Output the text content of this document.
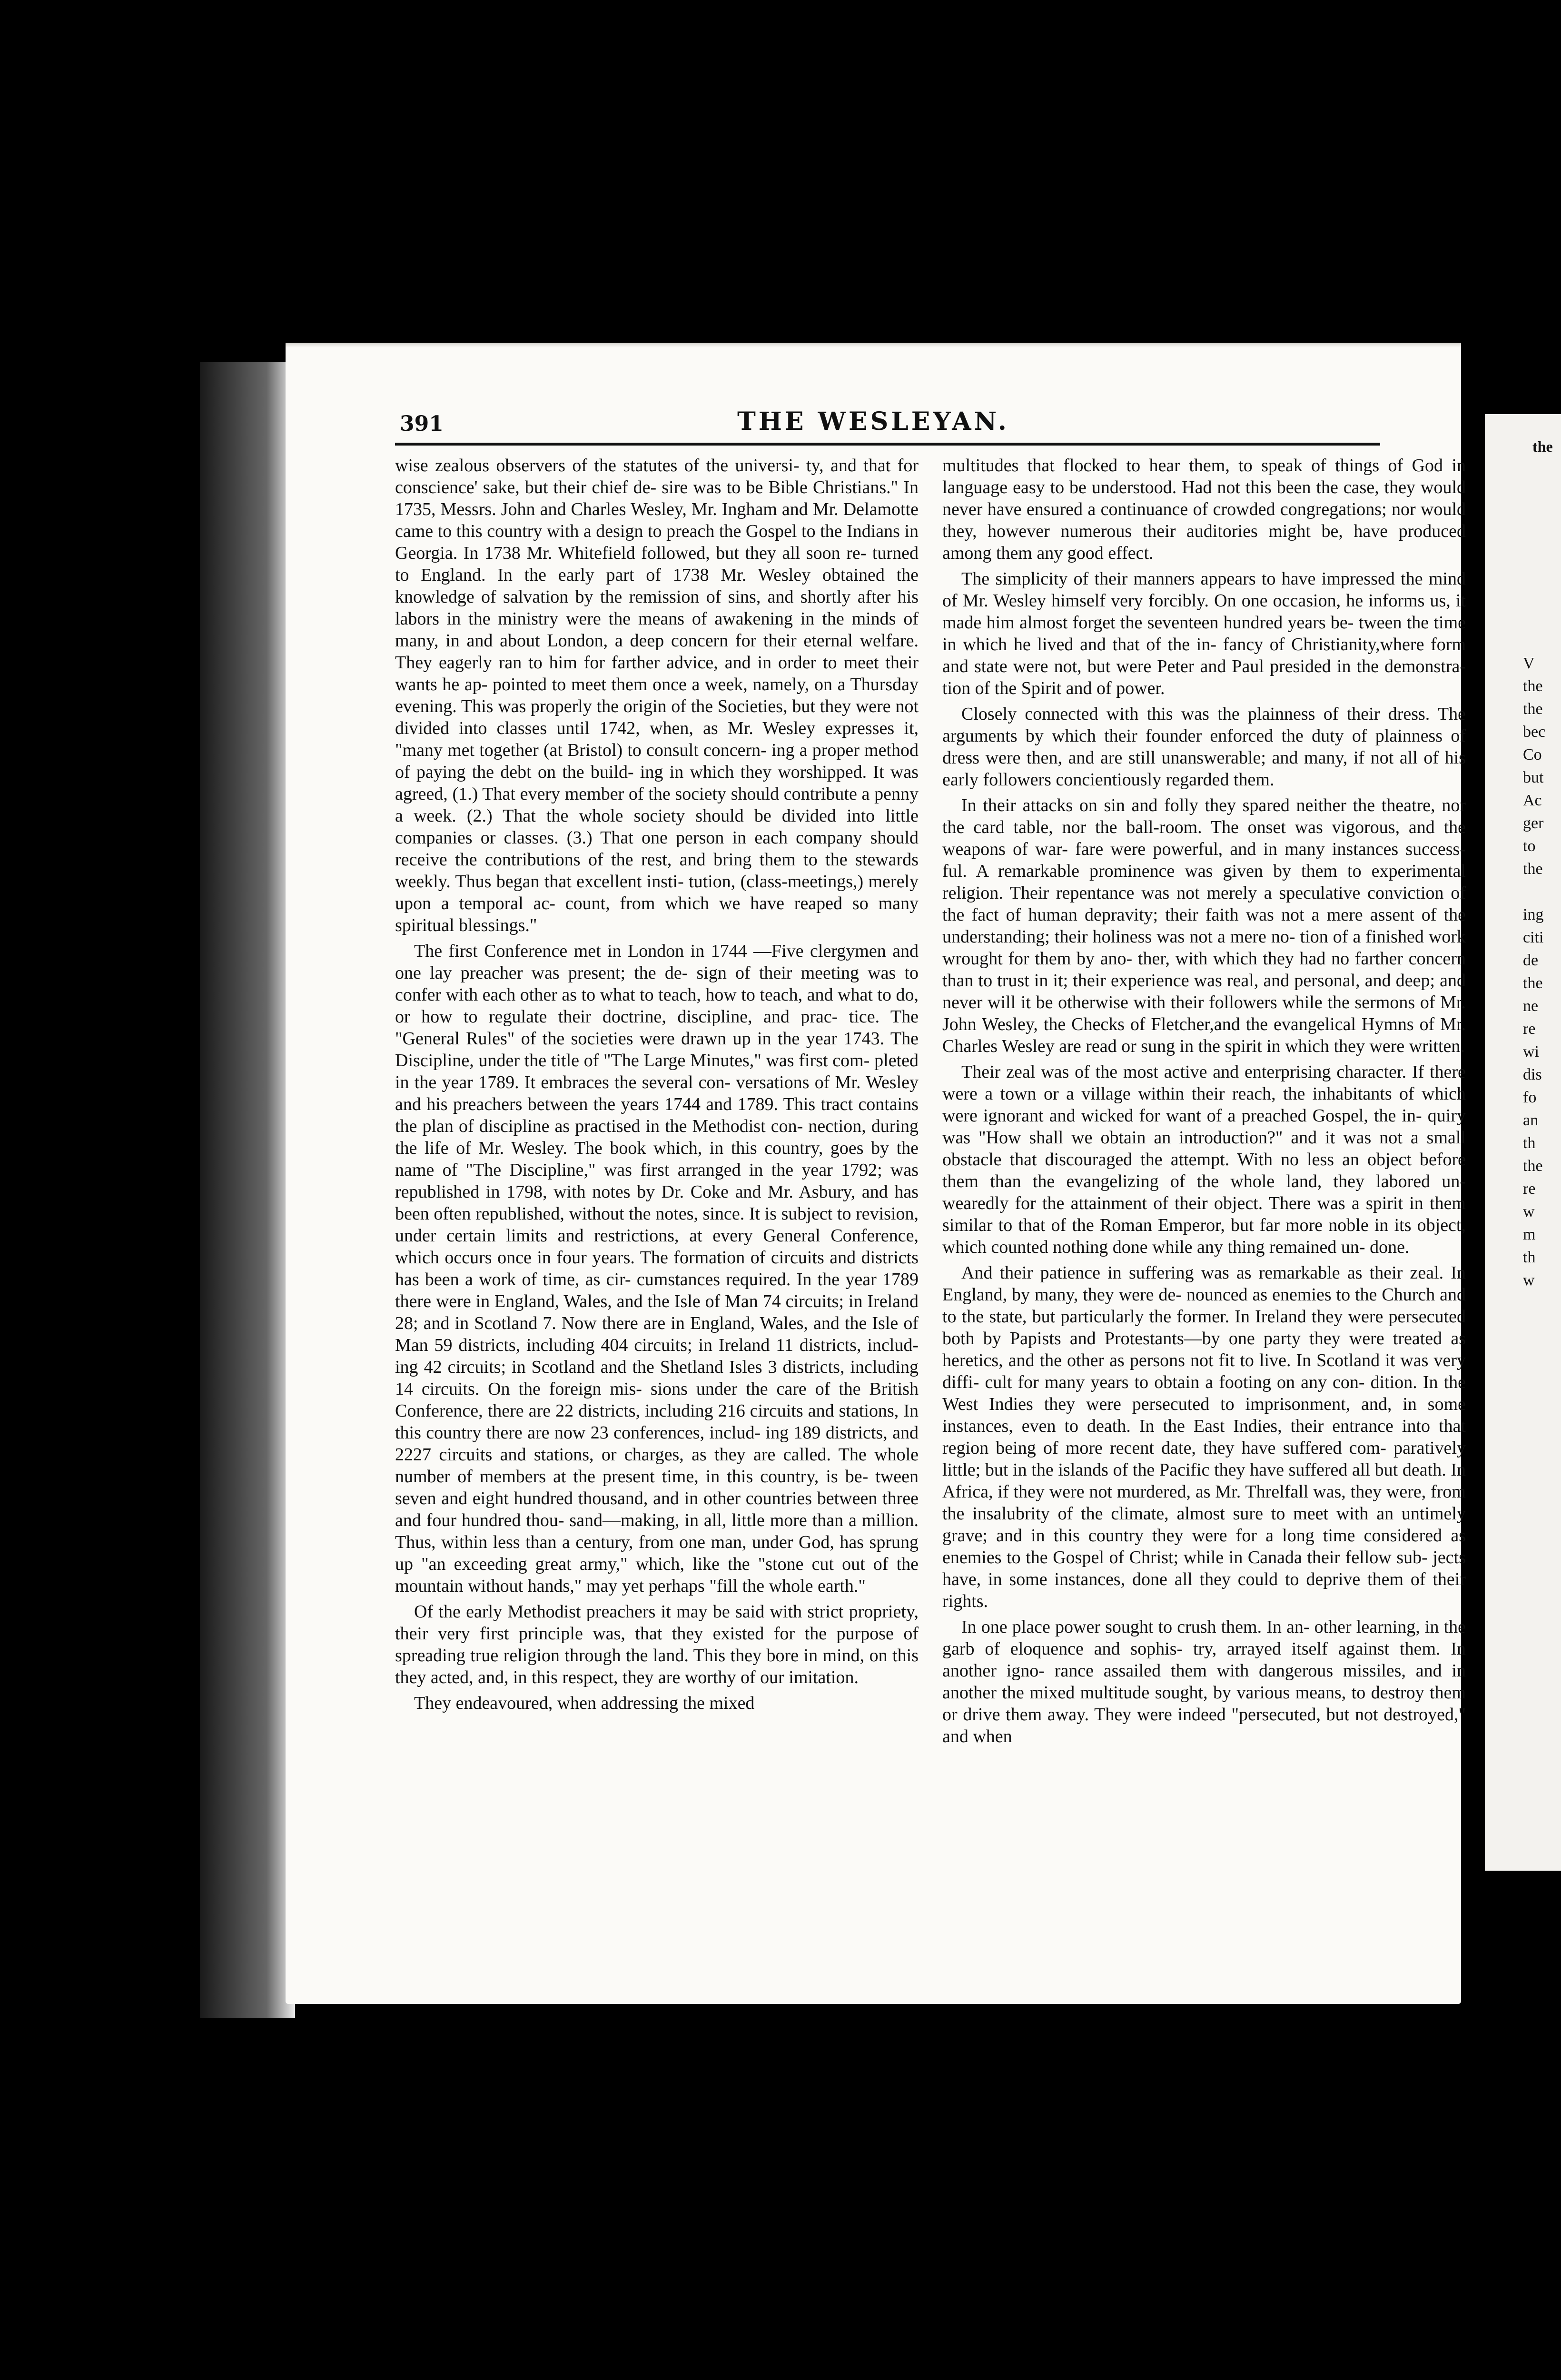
391	THE WESLEYAN.

wise zealous observers of the statutes of the universi- ty, and that for conscience' sake, but their chief de- sire was to be Bible Christians." In 1735, Messrs. John and Charles Wesley, Mr. Ingham and Mr. Delamotte came to this country with a design to preach the Gospel to the Indians in Georgia. In 1738 Mr. Whitefield followed, but they all soon re- turned to England. In the early part of 1738 Mr. Wesley obtained the knowledge of salvation by the remission of sins, and shortly after his labors in the ministry were the means of awakening in the minds of many, in and about London, a deep concern for their eternal welfare. They eagerly ran to him for farther advice, and in order to meet their wants he ap- pointed to meet them once a week, namely, on a Thursday evening. This was properly the origin of the Societies, but they were not divided into classes until 1742, when, as Mr. Wesley expresses it, "many met together (at Bristol) to consult concern- ing a proper method of paying the debt on the build- ing in which they worshipped. It was agreed, (1.) That every member of the society should contribute a penny a week. (2.) That the whole society should be divided into little companies or classes. (3.) That one person in each company should receive the contributions of the rest, and bring them to the stewards weekly. Thus began that excellent insti- tution, (class-meetings,) merely upon a temporal ac- count, from which we have reaped so many spiritual blessings."

The first Conference met in London in 1744 —Five clergymen and one lay preacher was present; the de- sign of their meeting was to confer with each other as to what to teach, how to teach, and what to do, or how to regulate their doctrine, discipline, and prac- tice. The "General Rules" of the societies were drawn up in the year 1743. The Discipline, under the title of "The Large Minutes," was first com- pleted in the year 1789. It embraces the several con- versations of Mr. Wesley and his preachers between the years 1744 and 1789. This tract contains the plan of discipline as practised in the Methodist con- nection, during the life of Mr. Wesley. The book which, in this country, goes by the name of "The Discipline," was first arranged in the year 1792; was republished in 1798, with notes by Dr. Coke and Mr. Asbury, and has been often republished, without the notes, since. It is subject to revision, under certain limits and restrictions, at every General Conference, which occurs once in four years. The formation of circuits and districts has been a work of time, as cir- cumstances required. In the year 1789 there were in England, Wales, and the Isle of Man 74 circuits; in Ireland 28; and in Scotland 7. Now there are in England, Wales, and the Isle of Man 59 districts, including 404 circuits; in Ireland 11 districts, includ- ing 42 circuits; in Scotland and the Shetland Isles 3 districts, including 14 circuits. On the foreign mis- sions under the care of the British Conference, there are 22 districts, including 216 circuits and stations, In this country there are now 23 conferences, includ- ing 189 districts, and 2227 circuits and stations, or charges, as they are called. The whole number of members at the present time, in this country, is be- tween seven and eight hundred thousand, and in other countries between three and four hundred thou- sand—making, in all, little more than a million. Thus, within less than a century, from one man, under God, has sprung up "an exceeding great army," which, like the "stone cut out of the mountain without hands," may yet perhaps "fill the whole earth."

Of the early Methodist preachers it may be said with strict propriety, their very first principle was, that they existed for the purpose of spreading true religion through the land. This they bore in mind, on this they acted, and, in this respect, they are worthy of our imitation.

They endeavoured, when addressing the mixed

multitudes that flocked to hear them, to speak of things of God in language easy to be understood. Had not this been the case, they would never have ensured a continuance of crowded congregations; nor would they, however numerous their auditories might be, have produced among them any good effect.

The simplicity of their manners appears to have impressed the mind of Mr. Wesley himself very forcibly. On one occasion, he informs us, it made him almost forget the seventeen hundred years be- tween the time in which he lived and that of the in- fancy of Christianity,where form and state were not, but were Peter and Paul presided in the demonstra- tion of the Spirit and of power.

Closely connected with this was the plainness of their dress. The arguments by which their founder enforced the duty of plainness of dress were then, and are still unanswerable; and many, if not all of his early followers concientiously regarded them.

In their attacks on sin and folly they spared neither the theatre, nor the card table, nor the ball-room. The onset was vigorous, and the weapons of war- fare were powerful, and in many instances success- ful. A remarkable prominence was given by them to experimental religion. Their repentance was not merely a speculative conviction of the fact of human depravity; their faith was not a mere assent of the understanding; their holiness was not a mere no- tion of a finished work wrought for them by ano- ther, with which they had no farther concern than to trust in it; their experience was real, and personal, and deep; and never will it be otherwise with their followers while the sermons of Mr. John Wesley, the Checks of Fletcher,and the evangelical Hymns of Mr. Charles Wesley are read or sung in the spirit in which they were written.

Their zeal was of the most active and enterprising character. If there were a town or a village within their reach, the inhabitants of which were ignorant and wicked for want of a preached Gospel, the in- quiry was "How shall we obtain an introduction?" and it was not a small obstacle that discouraged the attempt. With no less an object before them than the evangelizing of the whole land, they labored un- wearedly for the attainment of their object. There was a spirit in them similar to that of the Roman Emperor, but far more noble in its object, which counted nothing done while any thing remained un- done.

And their patience in suffering was as remarkable as their zeal. In England, by many, they were de- nounced as enemies to the Church and to the state, but particularly the former. In Ireland they were persecuted both by Papists and Protestants—by one party they were treated as heretics, and the other as persons not fit to live. In Scotland it was very diffi- cult for many years to obtain a footing on any con- dition. In the West Indies they were persecuted to imprisonment, and, in some instances, even to death. In the East Indies, their entrance into that region being of more recent date, they have suffered com- paratively little; but in the islands of the Pacific they have suffered all but death. In Africa, if they were not murdered, as Mr. Threlfall was, they were, from the insalubrity of the climate, almost sure to meet with an untimely grave; and in this country they were for a long time considered as enemies to the Gospel of Christ; while in Canada their fellow sub- jects have, in some instances, done all they could to deprive them of their rights.

In one place power sought to crush them. In an- other learning, in the garb of eloquence and sophis- try, arrayed itself against them. In another igno- rance assailed them with dangerous missiles, and in another the mixed multitude sought, by various means, to destroy them or drive them away. They were indeed "persecuted, but not destroyed," and when

the
V
the
the
bec
Co
but
Ac
ger
to
the
ing
citi
de
the
ne
re
wi
dis
fo
an
th
the
re
w
m
th
w
